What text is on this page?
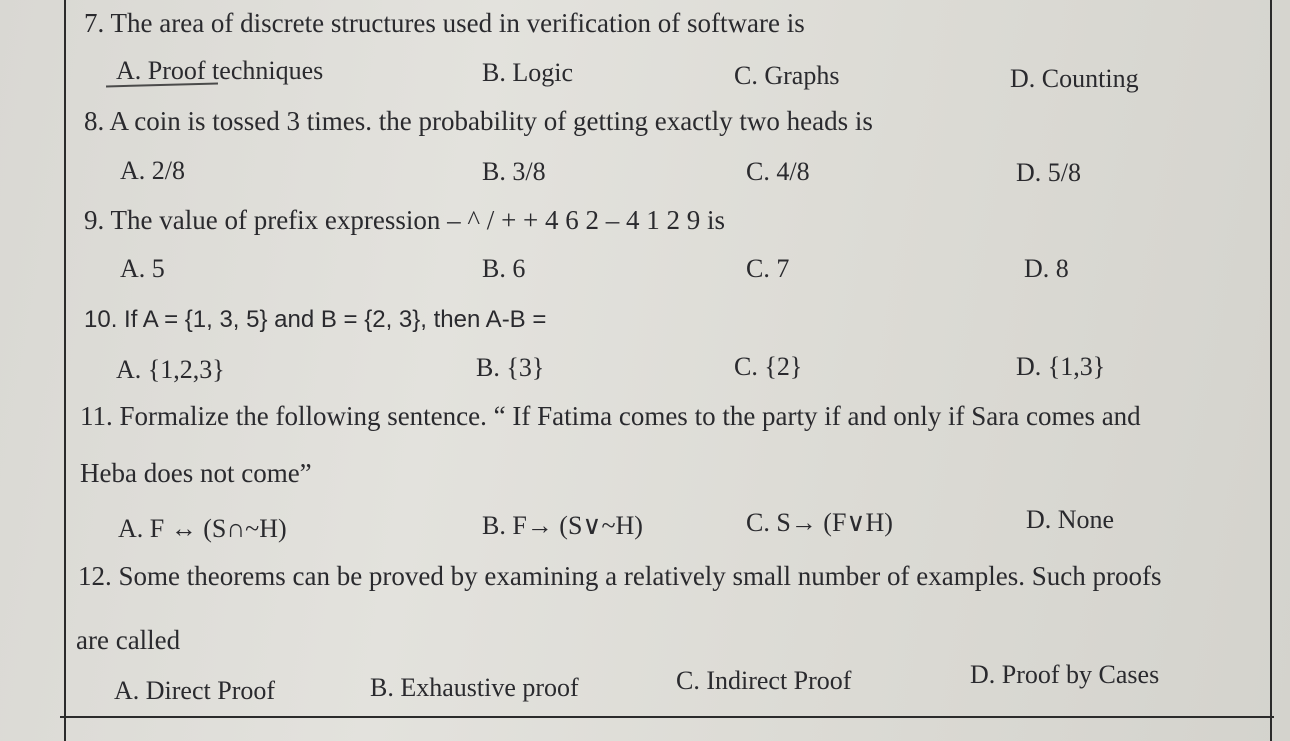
7. The area of discrete structures used in verification of software is
A. Proof techniques	B. Logic	C. Graphs	D. Counting
8. A coin is tossed 3 times. the probability of getting exactly two heads is
A. 2/8	B. 3/8	C. 4/8	D. 5/8
9. The value of prefix expression – ^ / + + 4 6 2 – 4 1 2 9 is
A. 5	B. 6	C. 7	D. 8
10. If A = {1, 3, 5} and B = {2, 3}, then A-B =
A. {1,2,3}	B. {3}	C. {2}	D. {1,3}
11. Formalize the following sentence. “ If Fatima comes to the party if and only if Sara comes and
Heba does not come”
A. F ↔ (S∩~H)	B. F→ (S∨~H)	C. S→ (F∨H)	D. None
12. Some theorems can be proved by examining a relatively small number of examples. Such proofs
are called
A. Direct Proof	B. Exhaustive proof	C. Indirect Proof	D. Proof by Cases
